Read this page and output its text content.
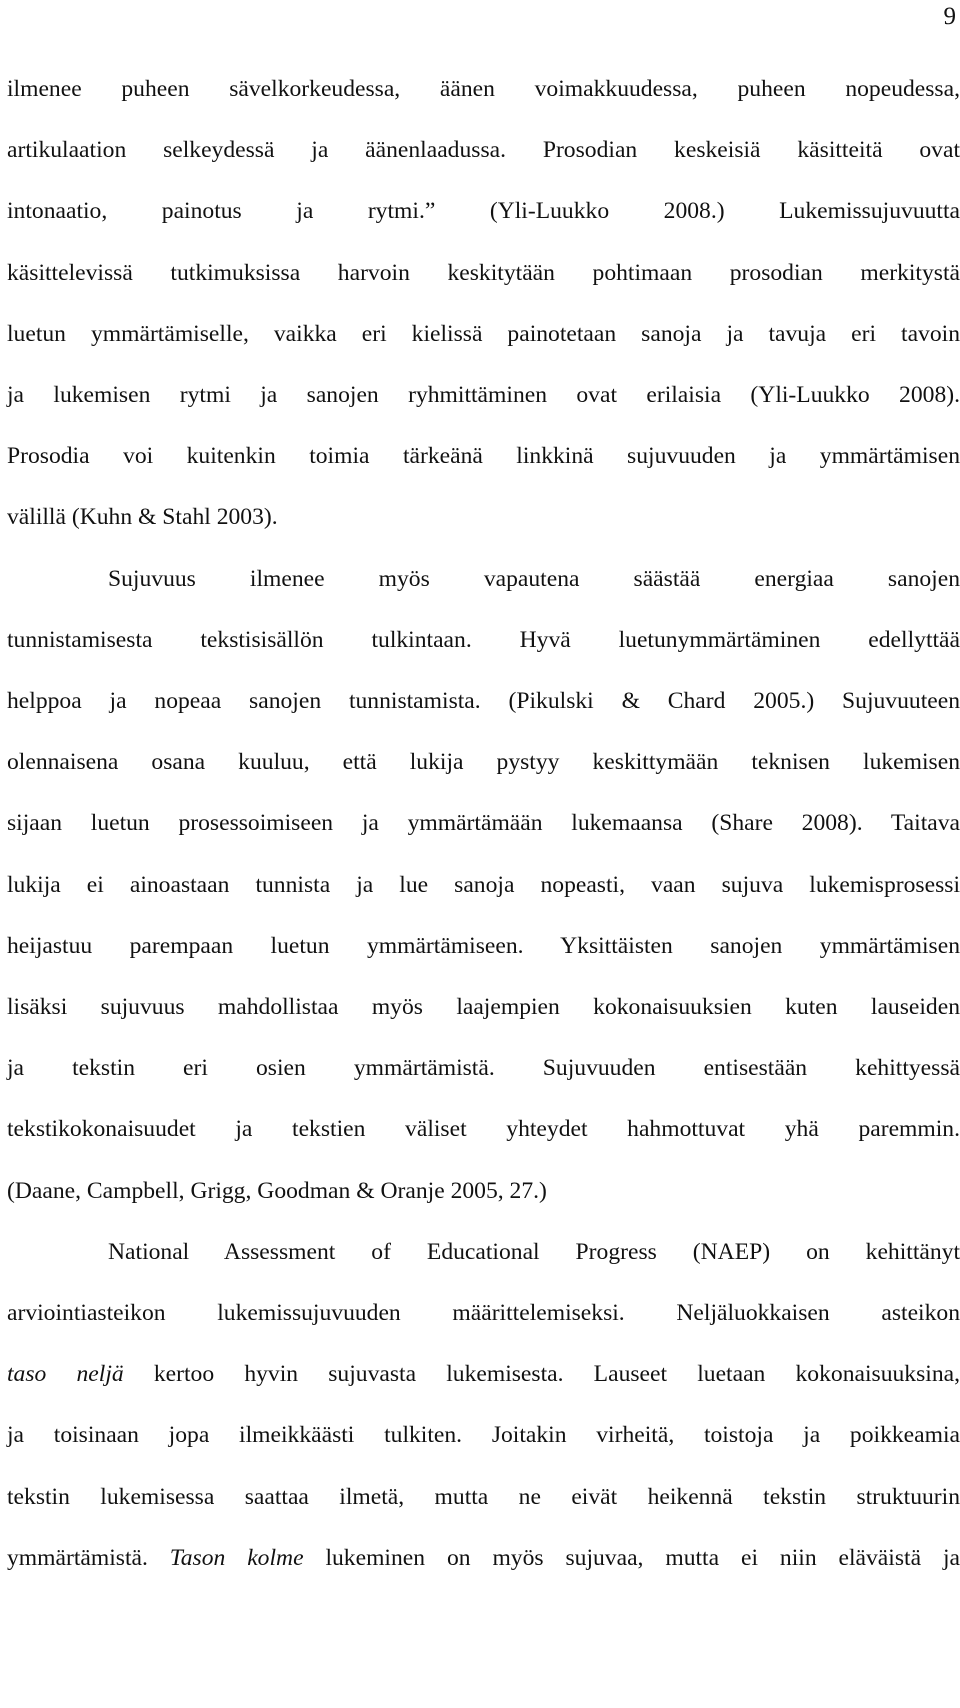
9
ilmenee puheen sävelkorkeudessa, äänen voimakkuudessa, puheen nopeudessa,
artikulaation selkeydessä ja äänenlaadussa. Prosodian keskeisiä käsitteitä ovat
intonaatio, painotus ja rytmi.” (Yli-Luukko 2008.) Lukemissujuvuutta
käsittelevissä tutkimuksissa harvoin keskitytään pohtimaan prosodian merkitystä
luetun ymmärtämiselle, vaikka eri kielissä painotetaan sanoja ja tavuja eri tavoin
ja lukemisen rytmi ja sanojen ryhmittäminen ovat erilaisia (Yli-Luukko 2008).
Prosodia voi kuitenkin toimia tärkeänä linkkinä sujuvuuden ja ymmärtämisen
välillä (Kuhn & Stahl 2003).
Sujuvuus ilmenee myös vapautena säästää energiaa sanojen
tunnistamisesta tekstisisällön tulkintaan. Hyvä luetunymmärtäminen edellyttää
helppoa ja nopeaa sanojen tunnistamista. (Pikulski & Chard 2005.) Sujuvuuteen
olennaisena osana kuuluu, että lukija pystyy keskittymään teknisen lukemisen
sijaan luetun prosessoimiseen ja ymmärtämään lukemaansa (Share 2008). Taitava
lukija ei ainoastaan tunnista ja lue sanoja nopeasti, vaan sujuva lukemisprosessi
heijastuu parempaan luetun ymmärtämiseen. Yksittäisten sanojen ymmärtämisen
lisäksi sujuvuus mahdollistaa myös laajempien kokonaisuuksien kuten lauseiden
ja tekstin eri osien ymmärtämistä. Sujuvuuden entisestään kehittyessä
tekstikokonaisuudet ja tekstien väliset yhteydet hahmottuvat yhä paremmin.
(Daane, Campbell, Grigg, Goodman & Oranje 2005, 27.)
National Assessment of Educational Progress (NAEP) on kehittänyt
arviointiasteikon lukemissujuvuuden määrittelemiseksi. Neljäluokkaisen asteikon
taso neljä kertoo hyvin sujuvasta lukemisesta. Lauseet luetaan kokonaisuuksina,
ja toisinaan jopa ilmeikkäästi tulkiten. Joitakin virheitä, toistoja ja poikkeamia
tekstin lukemisessa saattaa ilmetä, mutta ne eivät heikennä tekstin struktuurin
ymmärtämistä. Tason kolme lukeminen on myös sujuvaa, mutta ei niin eläväistä ja
